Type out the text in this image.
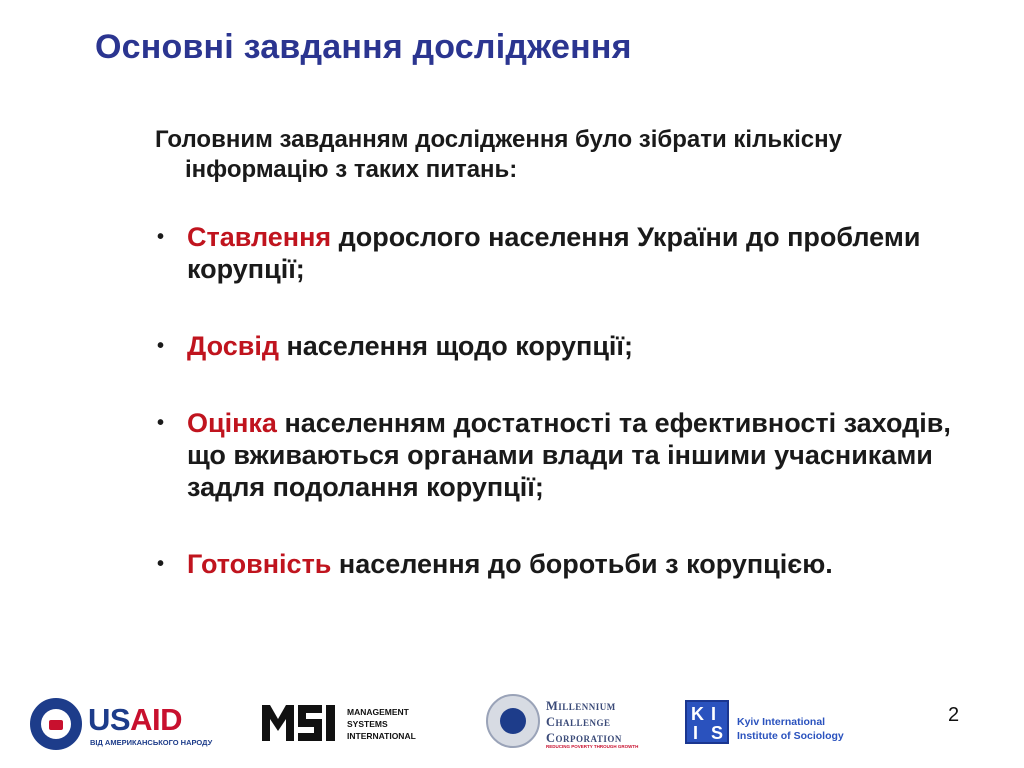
Основні завдання дослідження
Головним завданням дослідження було зібрати кількісну інформацію з таких питань:
• Ставлення дорослого населення України до проблеми корупції;
• Досвід населення щодо корупції;
• Оцінка населенням достатності та ефективності заходів, що вживаються органами влади та іншими учасниками задля подолання корупції;
• Готовність населення до боротьби з корупцією.
USAID
ВІД АМЕРИКАНСЬКОГО НАРОДУ
MANAGEMENT
SYSTEMS
INTERNATIONAL
Millennium
Challenge
Corporation
REDUCING POVERTY THROUGH GROWTH
K I
I S
Kyiv International
Institute of Sociology
2
